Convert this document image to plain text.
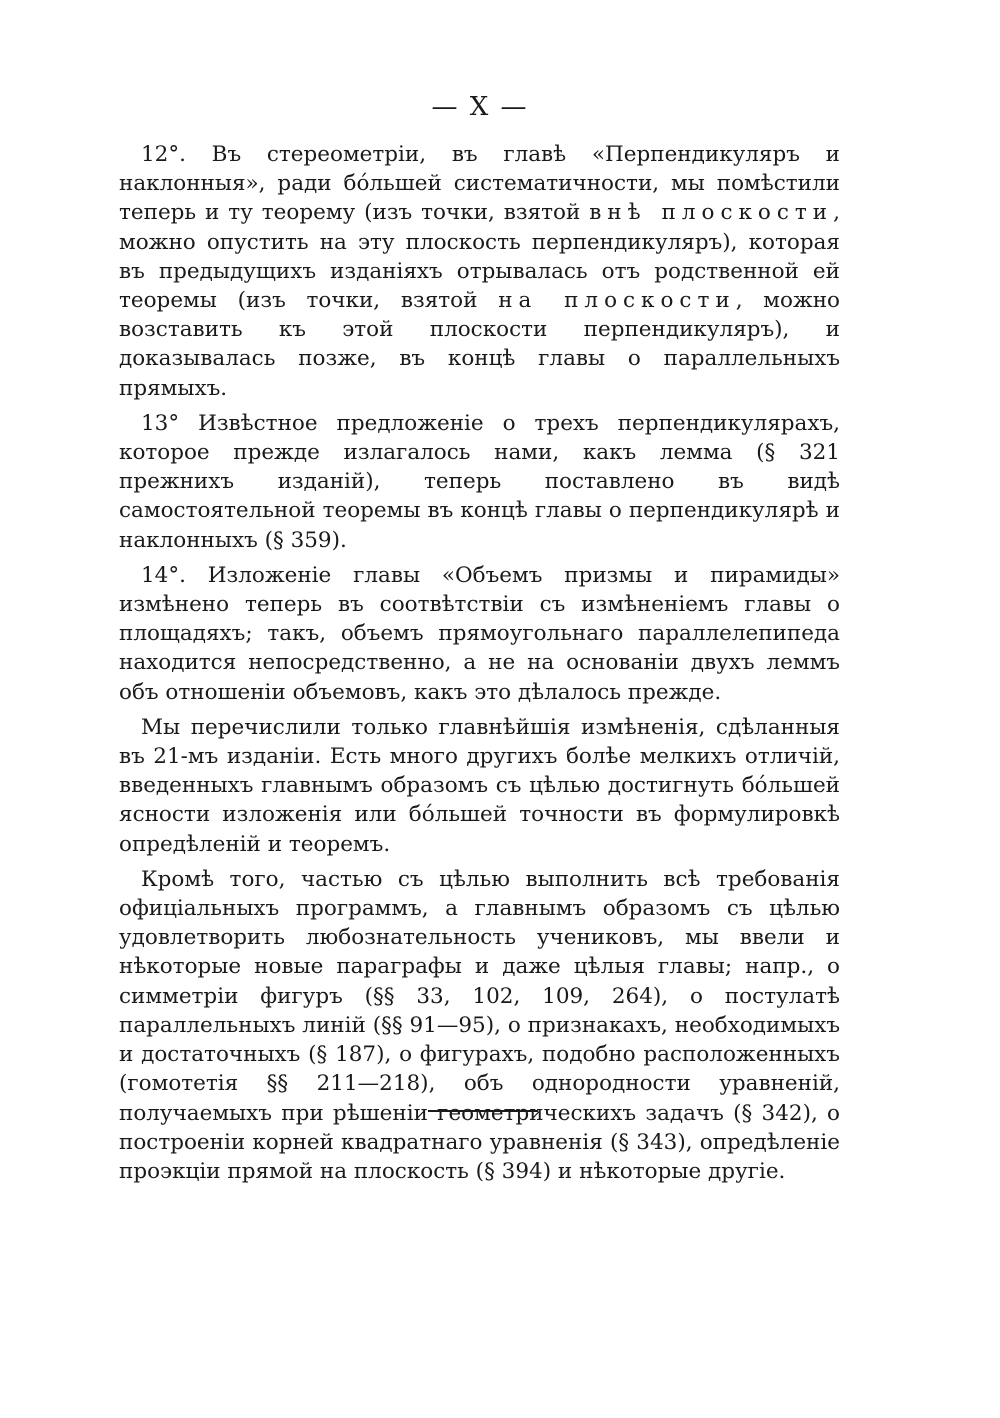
— X —

12°. Въ стереометріи, въ главѣ «Перпендикуляръ и наклонныя», ради бóльшей систематичности, мы помѣстили теперь и ту теорему (изъ точки, взятой внѣ плоскости, можно опустить на эту плоскость перпендикуляръ), которая въ предыдущихъ изданіяхъ отрывалась отъ родственной ей теоремы (изъ точки, взятой на плоскости, можно возставить къ этой плоскости перпендикуляръ), и доказывалась позже, въ концѣ главы о параллельныхъ прямыхъ.

13° Извѣстное предложеніе о трехъ перпендикулярахъ, которое прежде излагалось нами, какъ лемма (§ 321 прежнихъ изданій), теперь поставлено въ видѣ самостоятельной теоремы въ концѣ главы о перпендикулярѣ и наклонныхъ (§ 359).

14°. Изложеніе главы «Объемъ призмы и пирамиды» измѣнено теперь въ соотвѣтствіи съ измѣненіемъ главы о площадяхъ; такъ, объемъ прямоугольнаго параллелепипеда находится непосредственно, а не на основаніи двухъ леммъ объ отношеніи объемовъ, какъ это дѣлалось прежде.

Мы перечислили только главнѣйшія измѣненія, сдѣланныя въ 21-мъ изданіи. Есть много другихъ болѣе мелкихъ отличій, введенныхъ главнымъ образомъ съ цѣлью достигнуть бóльшей ясности изложенія или бóльшей точности въ формулировкѣ опредѣленій и теоремъ.

Кромѣ того, частью съ цѣлью выполнить всѣ требованія офиціальныхъ программъ, а главнымъ образомъ съ цѣлью удовлетворить любознательность учениковъ, мы ввели и нѣкоторые новые параграфы и даже цѣлыя главы; напр., о симметріи фигуръ (§§ 33, 102, 109, 264), о постулатѣ параллельныхъ линій (§§ 91—95), о признакахъ, необходимыхъ и достаточныхъ (§ 187), о фигурахъ, подобно расположенныхъ (гомотетія §§ 211—218), объ однородности уравненій, получаемыхъ при рѣшеніи геометрическихъ задачъ (§ 342), о построеніи корней квадратнаго уравненія (§ 343), опредѣленіе проэкціи прямой на плоскость (§ 394) и нѣкоторые другіе.
